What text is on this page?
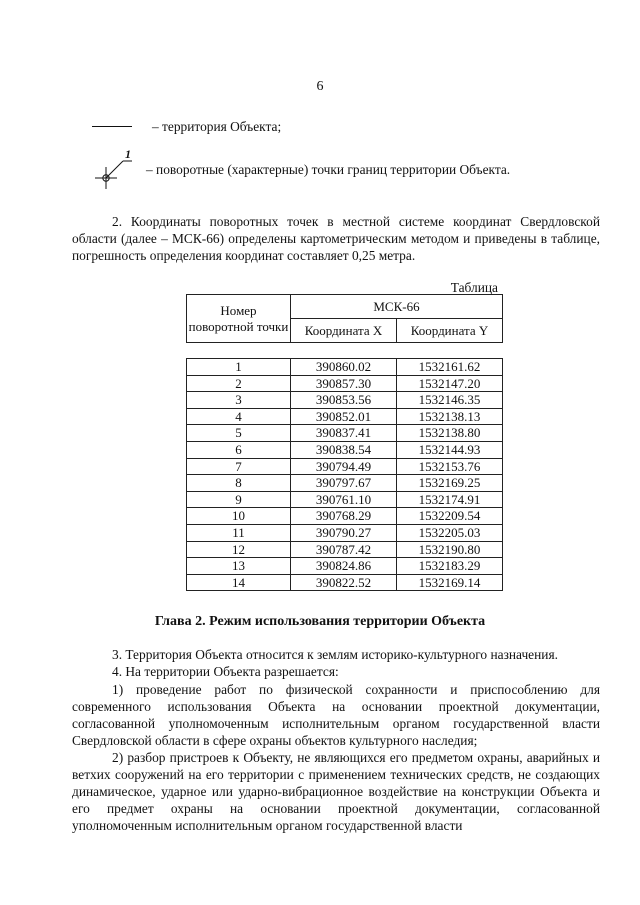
6
– территория Объекта;
1
– поворотные (характерные) точки границ территории Объекта.
2. Координаты поворотных точек в местной системе координат Свердловской области (далее – МСК-66) определены картометрическим методом и приведены в таблице, погрешность определения координат составляет 0,25 метра.
Таблица
Номер поворотной точки	МСК-66	
	Координата X	Координата Y
1	390860.02	1532161.62
2	390857.30	1532147.20
3	390853.56	1532146.35
4	390852.01	1532138.13
5	390837.41	1532138.80
6	390838.54	1532144.93
7	390794.49	1532153.76
8	390797.67	1532169.25
9	390761.10	1532174.91
10	390768.29	1532209.54
11	390790.27	1532205.03
12	390787.42	1532190.80
13	390824.86	1532183.29
14	390822.52	1532169.14
Глава 2. Режим использования территории Объекта
3. Территория Объекта относится к землям историко-культурного назначения.
4. На территории Объекта разрешается:
1) проведение работ по физической сохранности и приспособлению для современного использования Объекта на основании проектной документации, согласованной уполномоченным исполнительным органом государственной власти Свердловской области в сфере охраны объектов культурного наследия;
2) разбор пристроев к Объекту, не являющихся его предметом охраны, аварийных и ветхих сооружений на его территории с применением технических средств, не создающих динамическое, ударное или ударно-вибрационное воздействие на конструкции Объекта и его предмет охраны на основании проектной документации, согласованной уполномоченным исполнительным органом государственной власти
